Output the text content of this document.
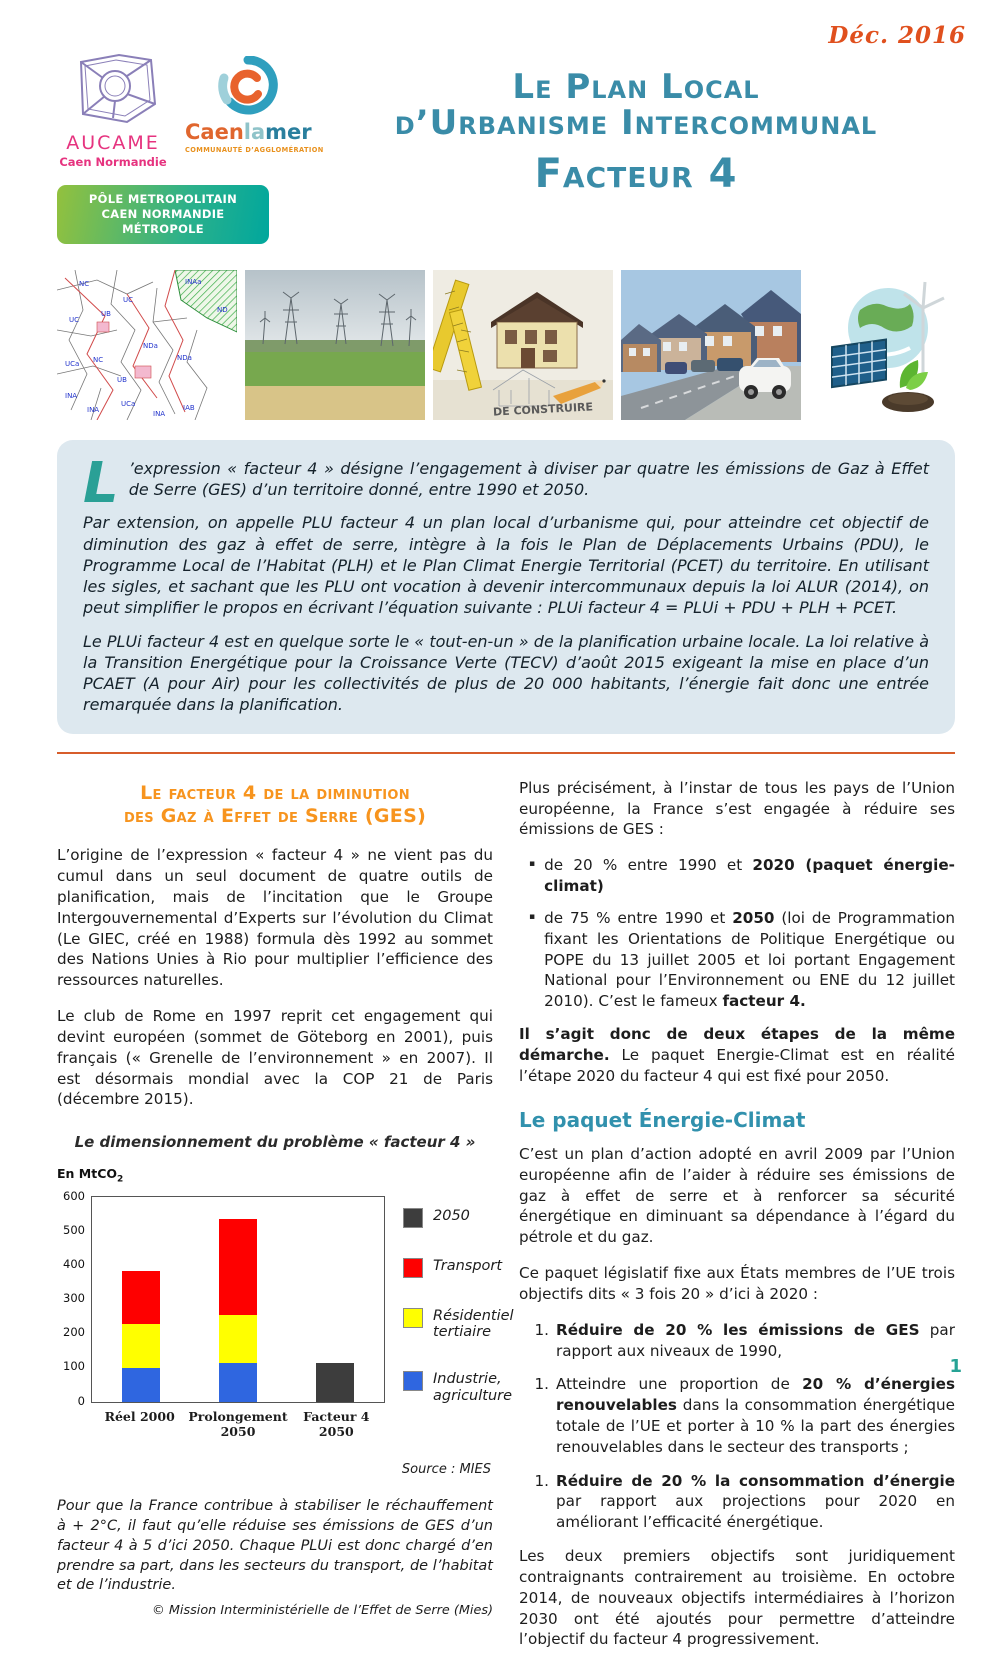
Déc. 2016
AUCAME
Caen Normandie
Caenlamer
COMMUNAUTÉ D’AGGLOMÉRATION
PÔLE METROPOLITAIN
CAEN NORMANDIE MÉTROPOLE
Le Plan Local
d’Urbanisme Intercommunal
Facteur 4
NC
UC
INAa
UC
UB	ND
NDa
NC
UCa
UB
NDa
UCa
INA
INA	INA
IAB	DE CONSTRUIRE

L ’expression « facteur 4 » désigne l’engagement à diviser par quatre les émissions de Gaz à Effet de Serre (GES) d’un territoire donné, entre 1990 et 2050.

Par extension, on appelle PLU facteur 4 un plan local d’urbanisme qui, pour atteindre cet objectif de diminution des gaz à effet de serre, intègre à la fois le Plan de Déplacements Urbains (PDU), le Programme Local de l’Habitat (PLH) et le Plan Climat Energie Territorial (PCET) du territoire. En utilisant les sigles, et sachant que les PLU ont vocation à devenir intercommunaux depuis la loi ALUR (2014), on peut simplifier le propos en écrivant l’équation suivante : PLUi facteur 4 = PLUi + PDU + PLH + PCET.

Le PLUi facteur 4 est en quelque sorte le « tout-en-un » de la planification urbaine locale. La loi relative à la Transition Energétique pour la Croissance Verte (TECV) d’août 2015 exigeant la mise en place d’un PCAET (A pour Air) pour les collectivités de plus de 20 000 habitants, l’énergie fait donc une entrée remarquée dans la planification.

Le facteur 4 de la diminution
des Gaz à Effet de Serre (GES)

L’origine de l’expression « facteur 4 » ne vient pas du cumul dans un seul document de quatre outils de planification, mais de l’incitation que le Groupe Intergouvernemental d’Experts sur l’évolution du Climat (Le GIEC, créé en 1988) formula dès 1992 au sommet des Nations Unies à Rio pour multiplier l’efficience des ressources naturelles.

Le club de Rome en 1997 reprit cet engagement qui devint européen (sommet de Göteborg en 2001), puis français (« Grenelle de l’environnement » en 2007). Il est désormais mondial avec la COP 21 de Paris (décembre 2015).

Le dimensionnement du problème « facteur 4 »
En MtCO$_2$
600
500
400
300
200
100
0
2050
Transport
Résidentiel tertiaire
Industrie, agriculture
Réel 2000	Prolongement 2050
Facteur 4 2050
Source : MIES
Pour que la France contribue à stabiliser le réchauffement à + 2°C, il faut qu’elle réduise ses émissions de GES d’un facteur 4 à 5 d’ici 2050. Chaque PLUi est donc chargé d’en prendre sa part, dans les secteurs du transport, de l’habitat et de l’industrie.
© Mission Interministérielle de l’Effet de Serre (Mies)

Plus précisément, à l’instar de tous les pays de l’Union européenne, la France s’est engagée à réduire ses émissions de GES :

▪ de 20 % entre 1990 et 2020 (paquet énergie-climat)
▪ de 75 % entre 1990 et 2050 (loi de Programmation fixant les Orientations de Politique Energétique ou POPE du 13 juillet 2005 et loi portant Engagement National pour l’Environnement ou ENE du 12 juillet 2010). C’est le fameux facteur 4.

Il s’agit donc de deux étapes de la même démarche. Le paquet Energie-Climat est en réalité l’étape 2020 du facteur 4 qui est fixé pour 2050.

Le paquet Énergie-Climat

C’est un plan d’action adopté en avril 2009 par l’Union européenne afin de l’aider à réduire ses émissions de gaz à effet de serre et à renforcer sa sécurité énergétique en diminuant sa dépendance à l’égard du pétrole et du gaz.

Ce paquet législatif fixe aux États membres de l’UE trois objectifs dits « 3 fois 20 » d’ici à 2020 :

1. Réduire de 20 % les émissions de GES par rapport aux niveaux de 1990,
1. Atteindre une proportion de 20 % d’énergies renouvelables dans la consommation énergétique totale de l’UE et porter à 10 % la part des énergies renouvelables dans le secteur des transports ;
1. Réduire de 20 % la consommation d’énergie par rapport aux projections pour 2020 en améliorant l’efficacité énergétique.

Les deux premiers objectifs sont juridiquement contraignants contrairement au troisième. En octobre 2014, de nouveaux objectifs intermédiaires à l’horizon 2030 ont été ajoutés pour permettre d’atteindre l’objectif du facteur 4 progressivement.

1
